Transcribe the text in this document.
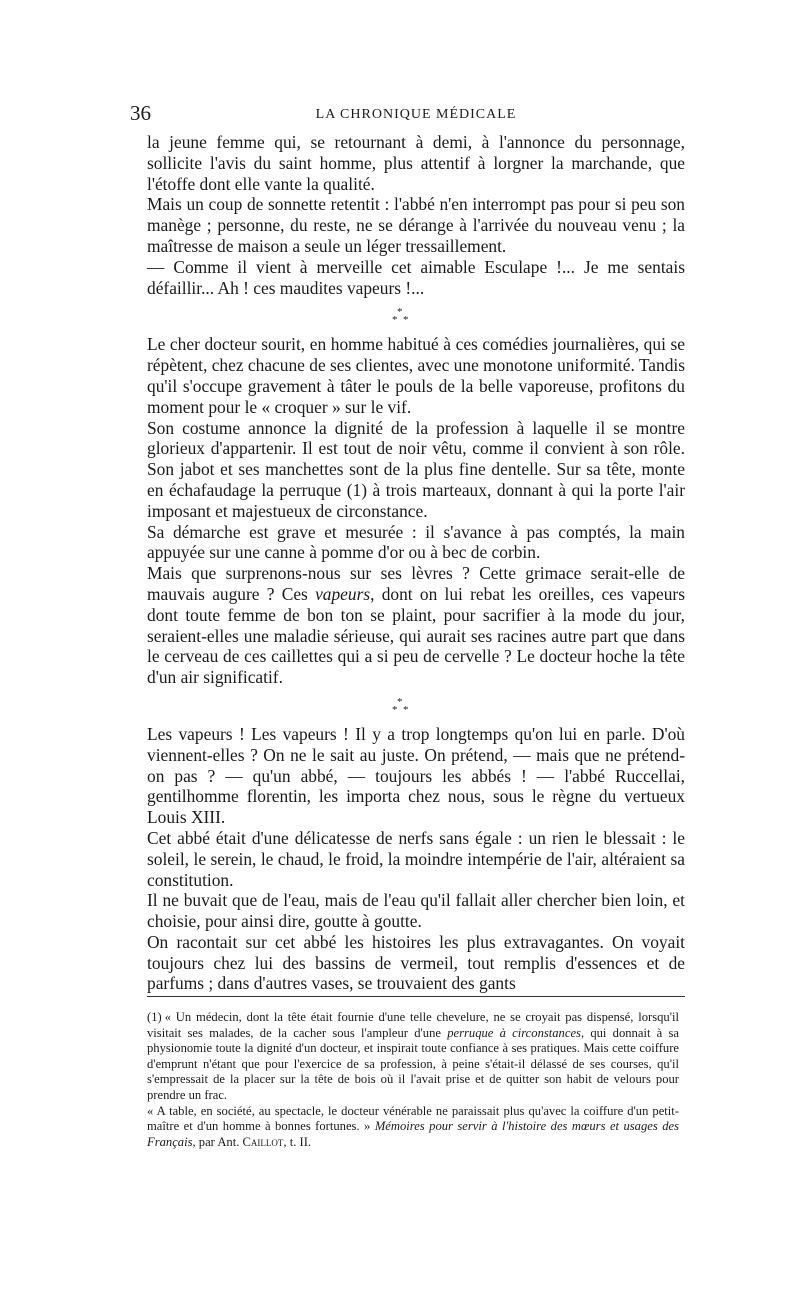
36	LA CHRONIQUE MÉDICALE

la jeune femme qui, se retournant à demi, à l'annonce du personnage, sollicite l'avis du saint homme, plus attentif à lorgner la marchande, que l'étoffe dont elle vante la qualité.

Mais un coup de sonnette retentit : l'abbé n'en interrompt pas pour si peu son manège ; personne, du reste, ne se dérange à l'arrivée du nouveau venu ; la maîtresse de maison a seule un léger tressaillement.

— Comme il vient à merveille cet aimable Esculape !... Je me sentais défaillir... Ah ! ces maudites vapeurs !...

*
* *

Le cher docteur sourit, en homme habitué à ces comédies journalières, qui se répètent, chez chacune de ses clientes, avec une monotone uniformité. Tandis qu'il s'occupe gravement à tâter le pouls de la belle vaporeuse, profitons du moment pour le « croquer » sur le vif.

Son costume annonce la dignité de la profession à laquelle il se montre glorieux d'appartenir. Il est tout de noir vêtu, comme il convient à son rôle. Son jabot et ses manchettes sont de la plus fine dentelle. Sur sa tête, monte en échafaudage la perruque (1) à trois marteaux, donnant à qui la porte l'air imposant et majestueux de circonstance.

Sa démarche est grave et mesurée : il s'avance à pas comptés, la main appuyée sur une canne à pomme d'or ou à bec de corbin.

Mais que surprenons-nous sur ses lèvres ? Cette grimace serait-elle de mauvais augure ? Ces vapeurs, dont on lui rebat les oreilles, ces vapeurs dont toute femme de bon ton se plaint, pour sacrifier à la mode du jour, seraient-elles une maladie sérieuse, qui aurait ses racines autre part que dans le cerveau de ces caillettes qui a si peu de cervelle ? Le docteur hoche la tête d'un air significatif.

*
* *

Les vapeurs ! Les vapeurs ! Il y a trop longtemps qu'on lui en parle. D'où viennent-elles ? On ne le sait au juste. On prétend, — mais que ne prétend-on pas ? — qu'un abbé, — toujours les abbés ! — l'abbé Ruccellai, gentilhomme florentin, les importa chez nous, sous le règne du vertueux Louis XIII.

Cet abbé était d'une délicatesse de nerfs sans égale : un rien le blessait : le soleil, le serein, le chaud, le froid, la moindre intempérie de l'air, altéraient sa constitution.

Il ne buvait que de l'eau, mais de l'eau qu'il fallait aller chercher bien loin, et choisie, pour ainsi dire, goutte à goutte.

On racontait sur cet abbé les histoires les plus extravagantes. On voyait toujours chez lui des bassins de vermeil, tout remplis d'essences et de parfums ; dans d'autres vases, se trouvaient des gants

(1) « Un médecin, dont la tête était fournie d'une telle chevelure, ne se croyait pas dispensé, lorsqu'il visitait ses malades, de la cacher sous l'ampleur d'une perruque à circonstances, qui donnait à sa physionomie toute la dignité d'un docteur, et inspirait toute confiance à ses pratiques. Mais cette coiffure d'emprunt n'étant que pour l'exercice de sa profession, à peine s'était-il délassé de ses courses, qu'il s'empressait de la placer sur la tête de bois où il l'avait prise et de quitter son habit de velours pour prendre un frac.

« A table, en société, au spectacle, le docteur vénérable ne paraissait plus qu'avec la coiffure d'un petit-maître et d'un homme à bonnes fortunes. » Mémoires pour servir à l'histoire des mœurs et usages des Français, par Ant. Caillot, t. II.
